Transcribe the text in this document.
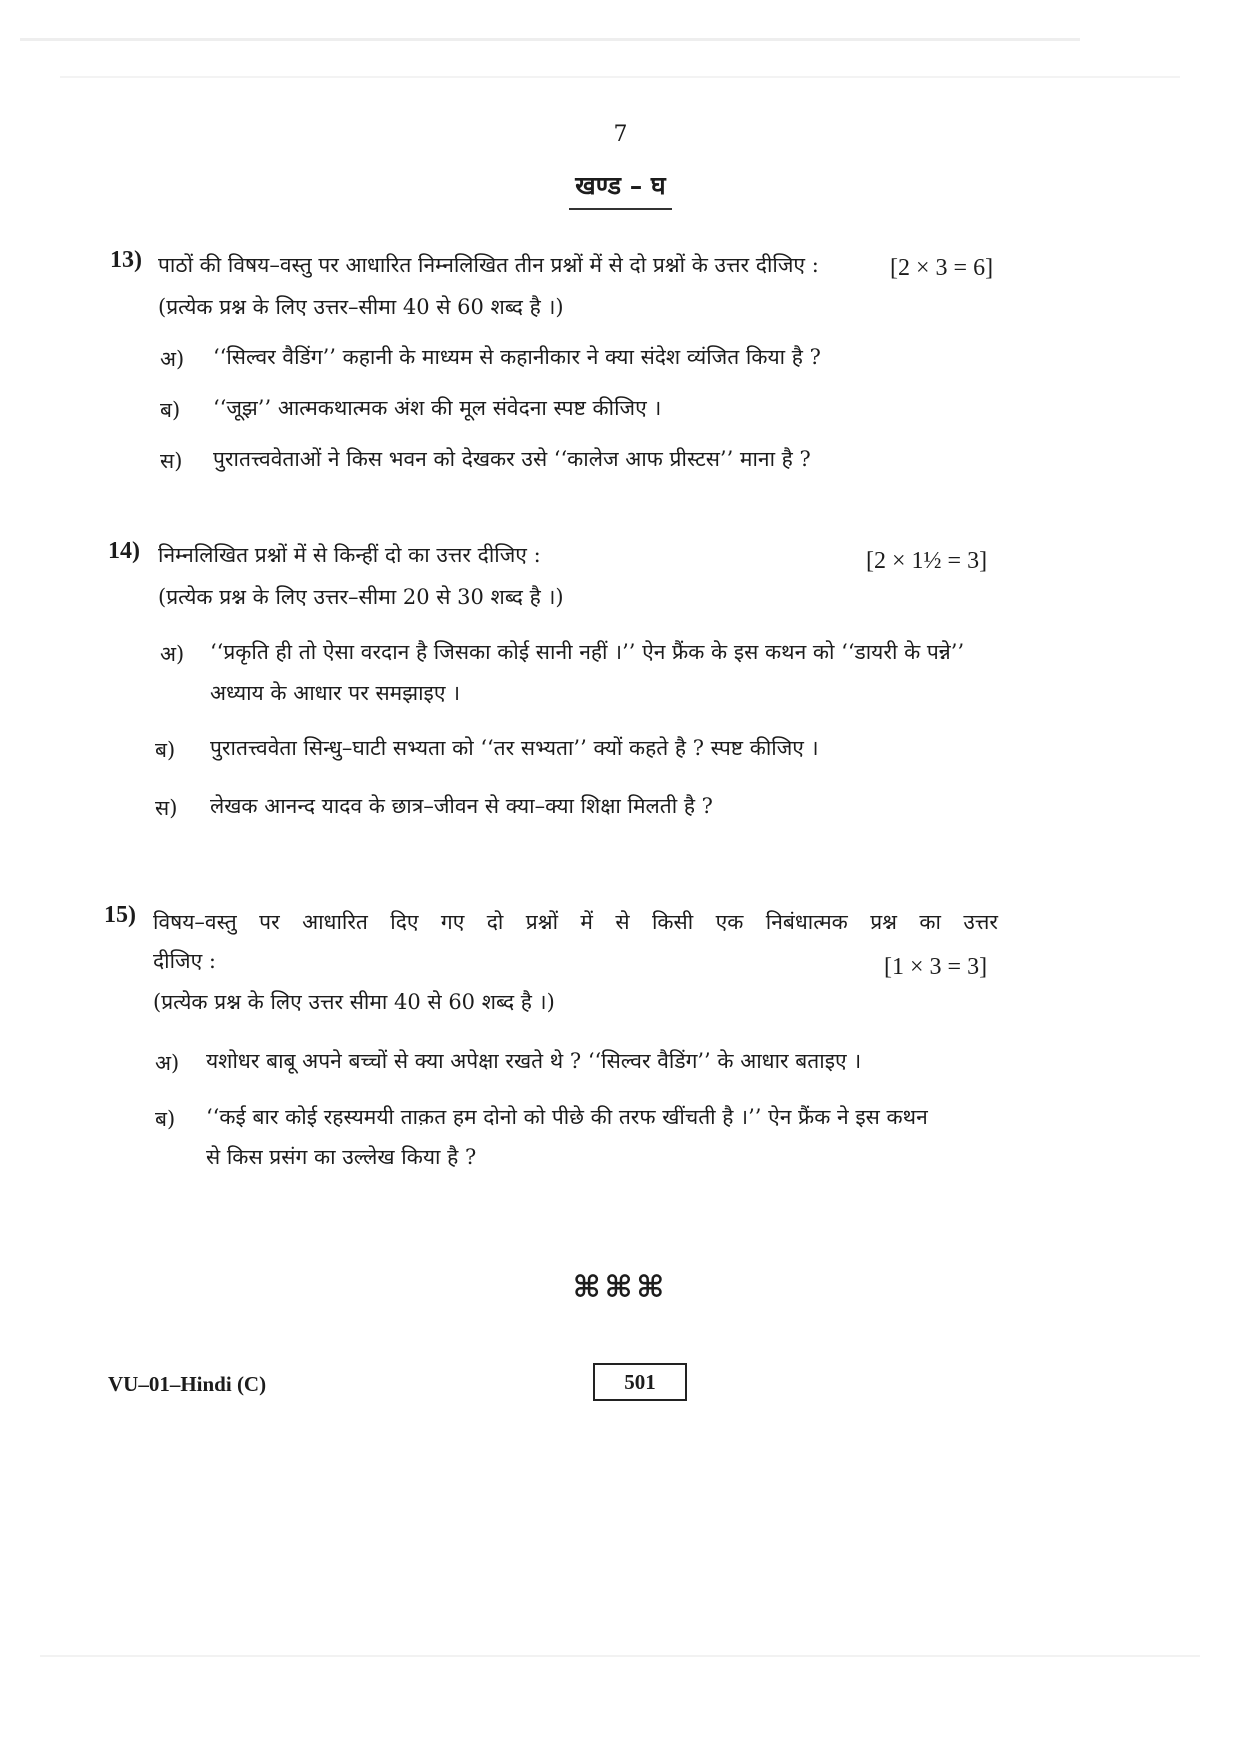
7
खण्ड – घ
13) पाठों की विषय–वस्तु पर आधारित निम्नलिखित तीन प्रश्नों में से दो प्रश्नों के उत्तर दीजिए :	[2 × 3 = 6]
(प्रत्येक प्रश्न के लिए उत्तर–सीमा 40 से 60 शब्द है ।)
अ) ‘‘सिल्वर वैडिंग’’ कहानी के माध्यम से कहानीकार ने क्या संदेश व्यंजित किया है ?
ब) ‘‘जूझ’’ आत्मकथात्मक अंश की मूल संवेदना स्पष्ट कीजिए ।
स) पुरातत्त्ववेताओं ने किस भवन को देखकर उसे ‘‘कालेज आफ प्रीस्टस’’ माना है ?
14) निम्नलिखित प्रश्नों में से किन्हीं दो का उत्तर दीजिए :	[2 × 1½ = 3]
(प्रत्येक प्रश्न के लिए उत्तर–सीमा 20 से 30 शब्द है ।)
अ) ‘‘प्रकृति ही तो ऐसा वरदान है जिसका कोई सानी नहीं ।’’ ऐन फ्रैंक के इस कथन को ‘‘डायरी के पन्ने’’
अध्याय के आधार पर समझाइए ।
ब) पुरातत्त्ववेता सिन्धु–घाटी सभ्यता को ‘‘तर सभ्यता’’ क्यों कहते है ? स्पष्ट कीजिए ।
स) लेखक आनन्द यादव के छात्र–जीवन से क्या–क्या शिक्षा मिलती है ?
15) विषय–वस्तु पर आधारित दिए गए दो प्रश्नों में से किसी एक निबंधात्मक प्रश्न का उत्तर
दीजिए :	[1 × 3 = 3]
(प्रत्येक प्रश्न के लिए उत्तर सीमा 40 से 60 शब्द है ।)
अ) यशोधर बाबू अपने बच्चों से क्या अपेक्षा रखते थे ? ‘‘सिल्वर वैडिंग’’ के आधार बताइए ।
ब) ‘‘कई बार कोई रहस्यमयी ताक़त हम दोनो को पीछे की तरफ खींचती है ।’’ ऐन फ्रैंक ने इस कथन
से किस प्रसंग का उल्लेख किया है ?
⌘⌘⌘
VU–01–Hindi (C)	501
